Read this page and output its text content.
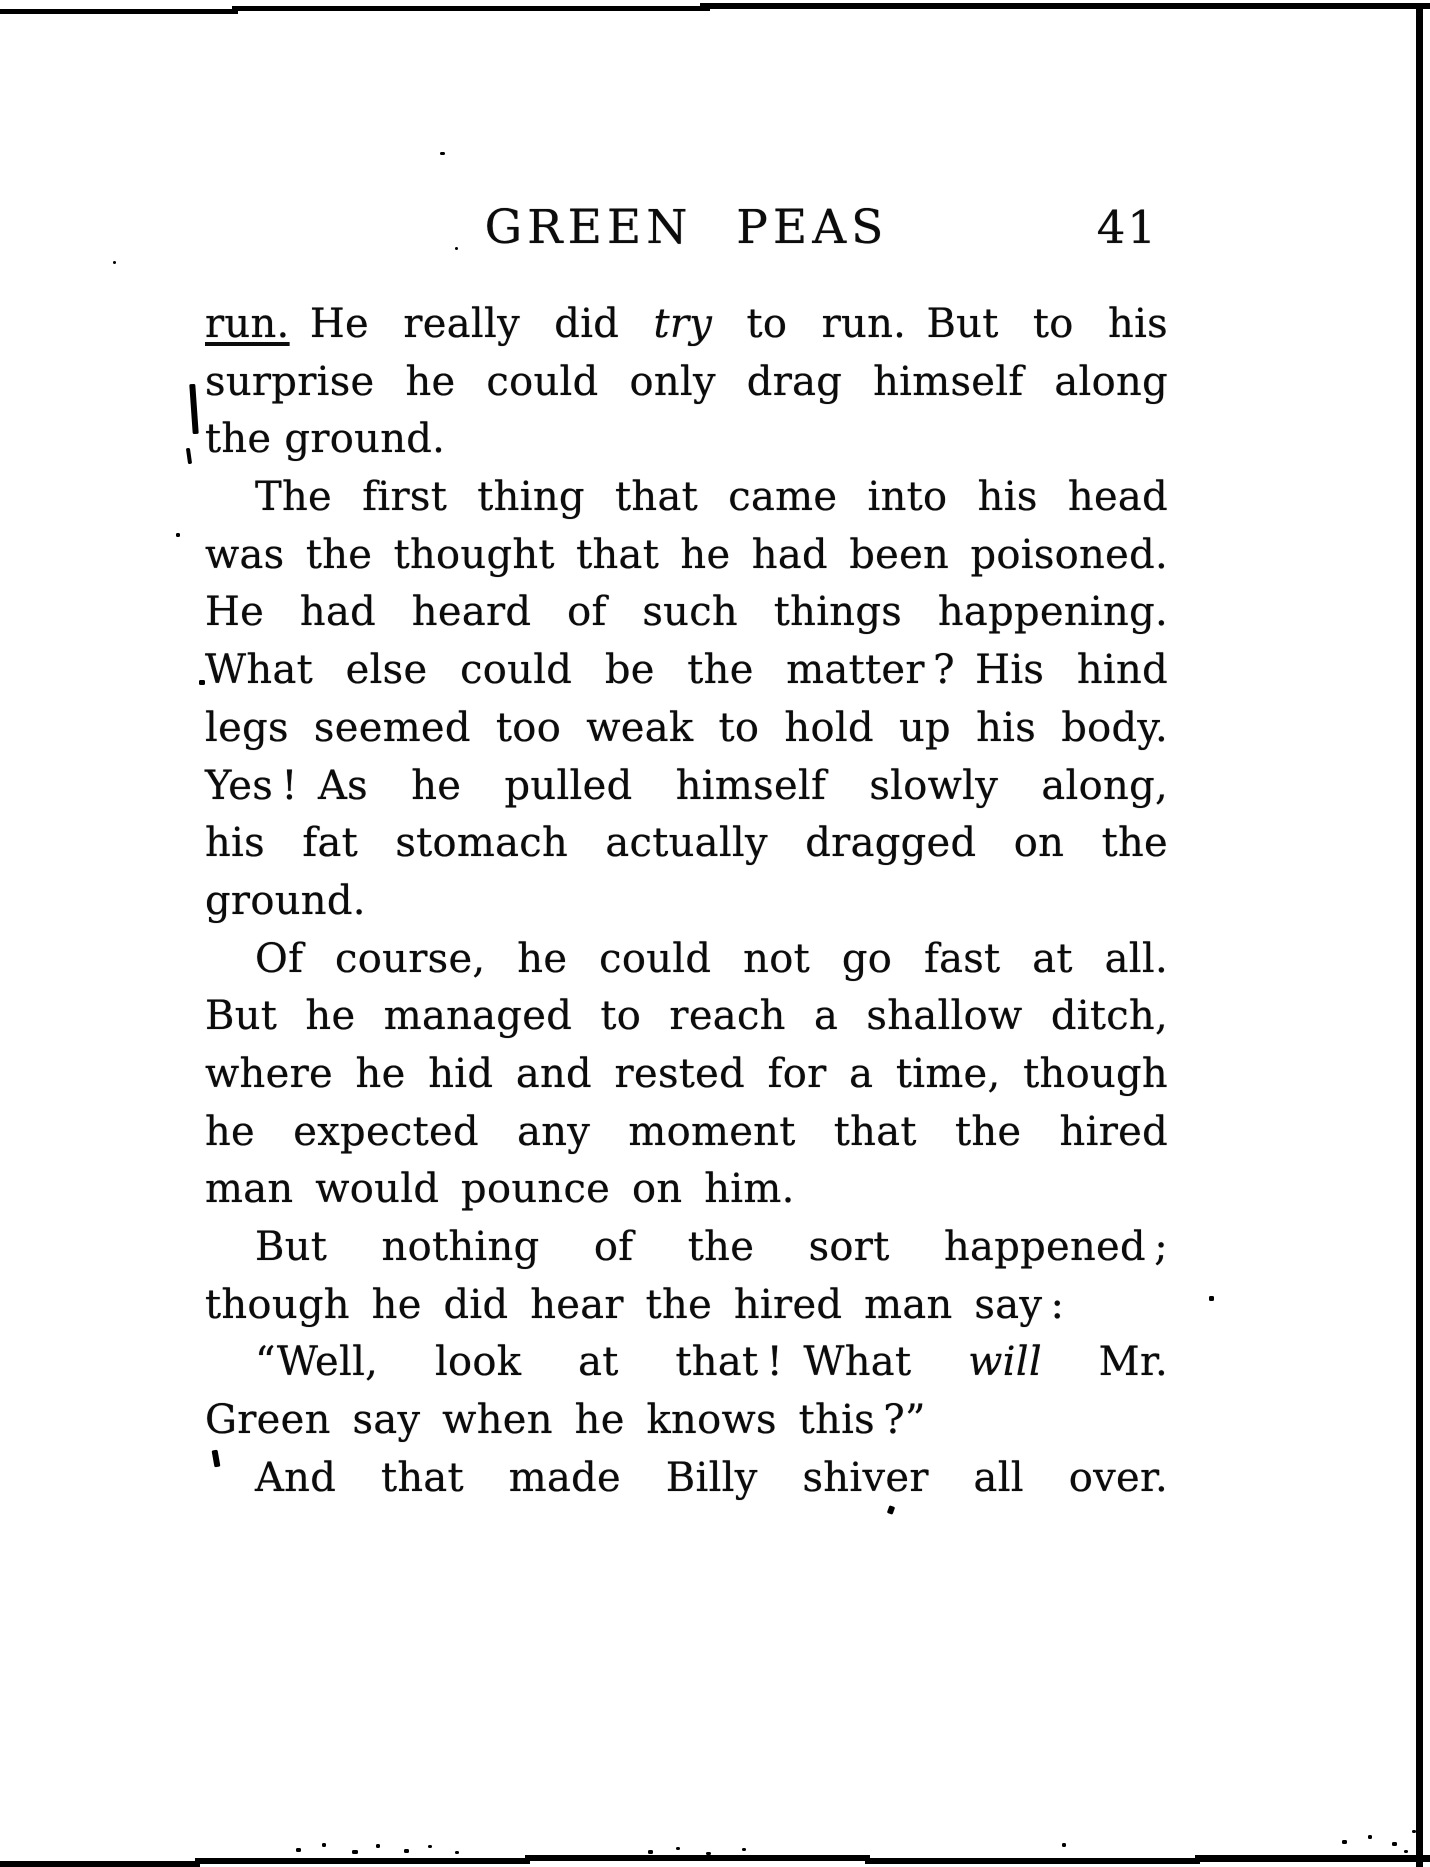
GREEN PEAS	41
run. He really did try to run. But to his
surprise he could only drag himself along
the ground.
The first thing that came into his head
was the thought that he had been poisoned.
He had heard of such things happening.
What else could be the matter ? His hind
legs seemed too weak to hold up his body.
Yes ! As he pulled himself slowly along,
his fat stomach actually dragged on the
ground.
Of course, he could not go fast at all.
But he managed to reach a shallow ditch,
where he hid and rested for a time, though
he expected any moment that the hired
man would pounce on him.
But nothing of the sort happened ;
though he did hear the hired man say :
“Well, look at that ! What will Mr.
Green say when he knows this ?”
And that made Billy shiver all over.
